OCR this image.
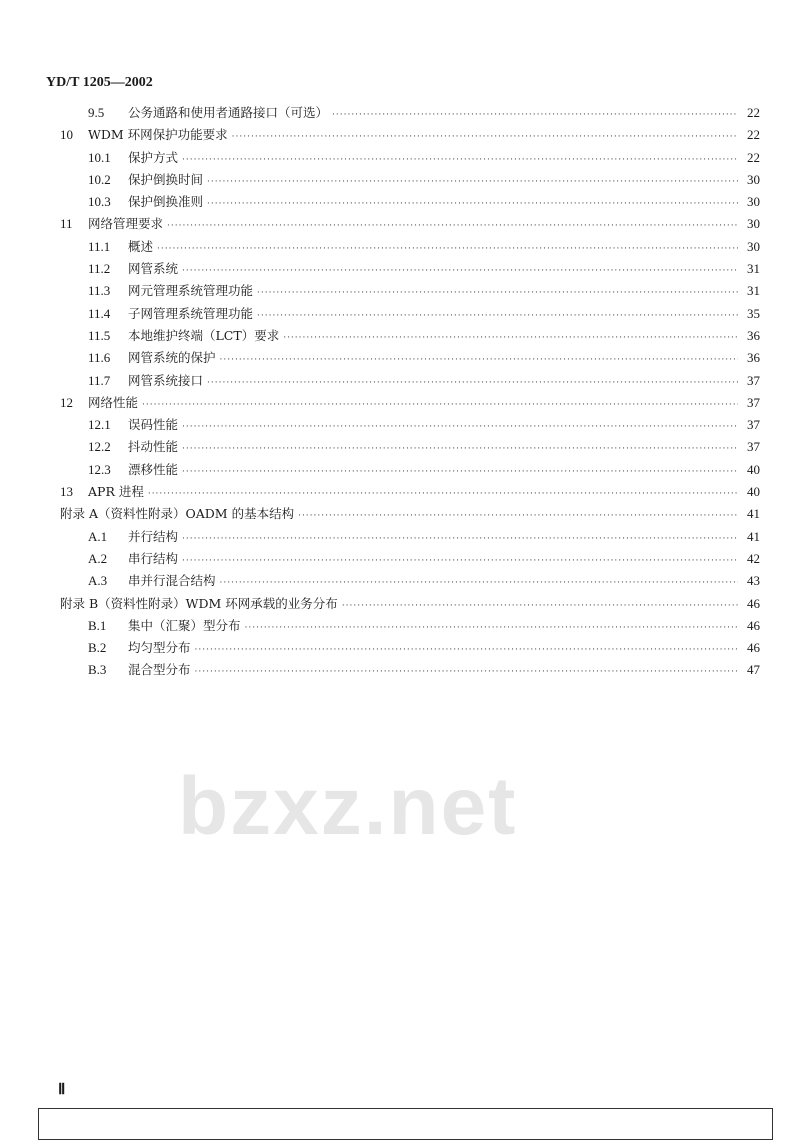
YD/T 1205—2002
bzxz.net
9.5	公务通路和使用者通路接口（可选） ·····	22
10	WDM 环网保护功能要求 ·····	22
10.1	保护方式 ·····	22
10.2	保护倒换时间 ·····	30
10.3	保护倒换准则 ·····	30
11	网络管理要求 ·····	30
11.1	概述 ·····	30
11.2	网管系统 ·····	31
11.3	网元管理系统管理功能 ·····	31
11.4	子网管理系统管理功能 ·····	35
11.5	本地维护终端（LCT）要求 ·····	36
11.6	网管系统的保护 ·····	36
11.7	网管系统接口 ·····	37
12	网络性能 ·····	37
12.1	误码性能 ·····	37
12.2	抖动性能 ·····	37
12.3	漂移性能 ·····	40
13	APR 进程 ·····	40
附录 A（资料性附录）OADM 的基本结构 ·····	41
A.1	并行结构 ·····	41
A.2	串行结构 ·····	42
A.3	串并行混合结构 ·····	43
附录 B（资料性附录）WDM 环网承载的业务分布 ·····	46
B.1	集中（汇聚）型分布 ·····	46
B.2	均匀型分布 ·····	46
B.3	混合型分布 ·····	47
Ⅱ
